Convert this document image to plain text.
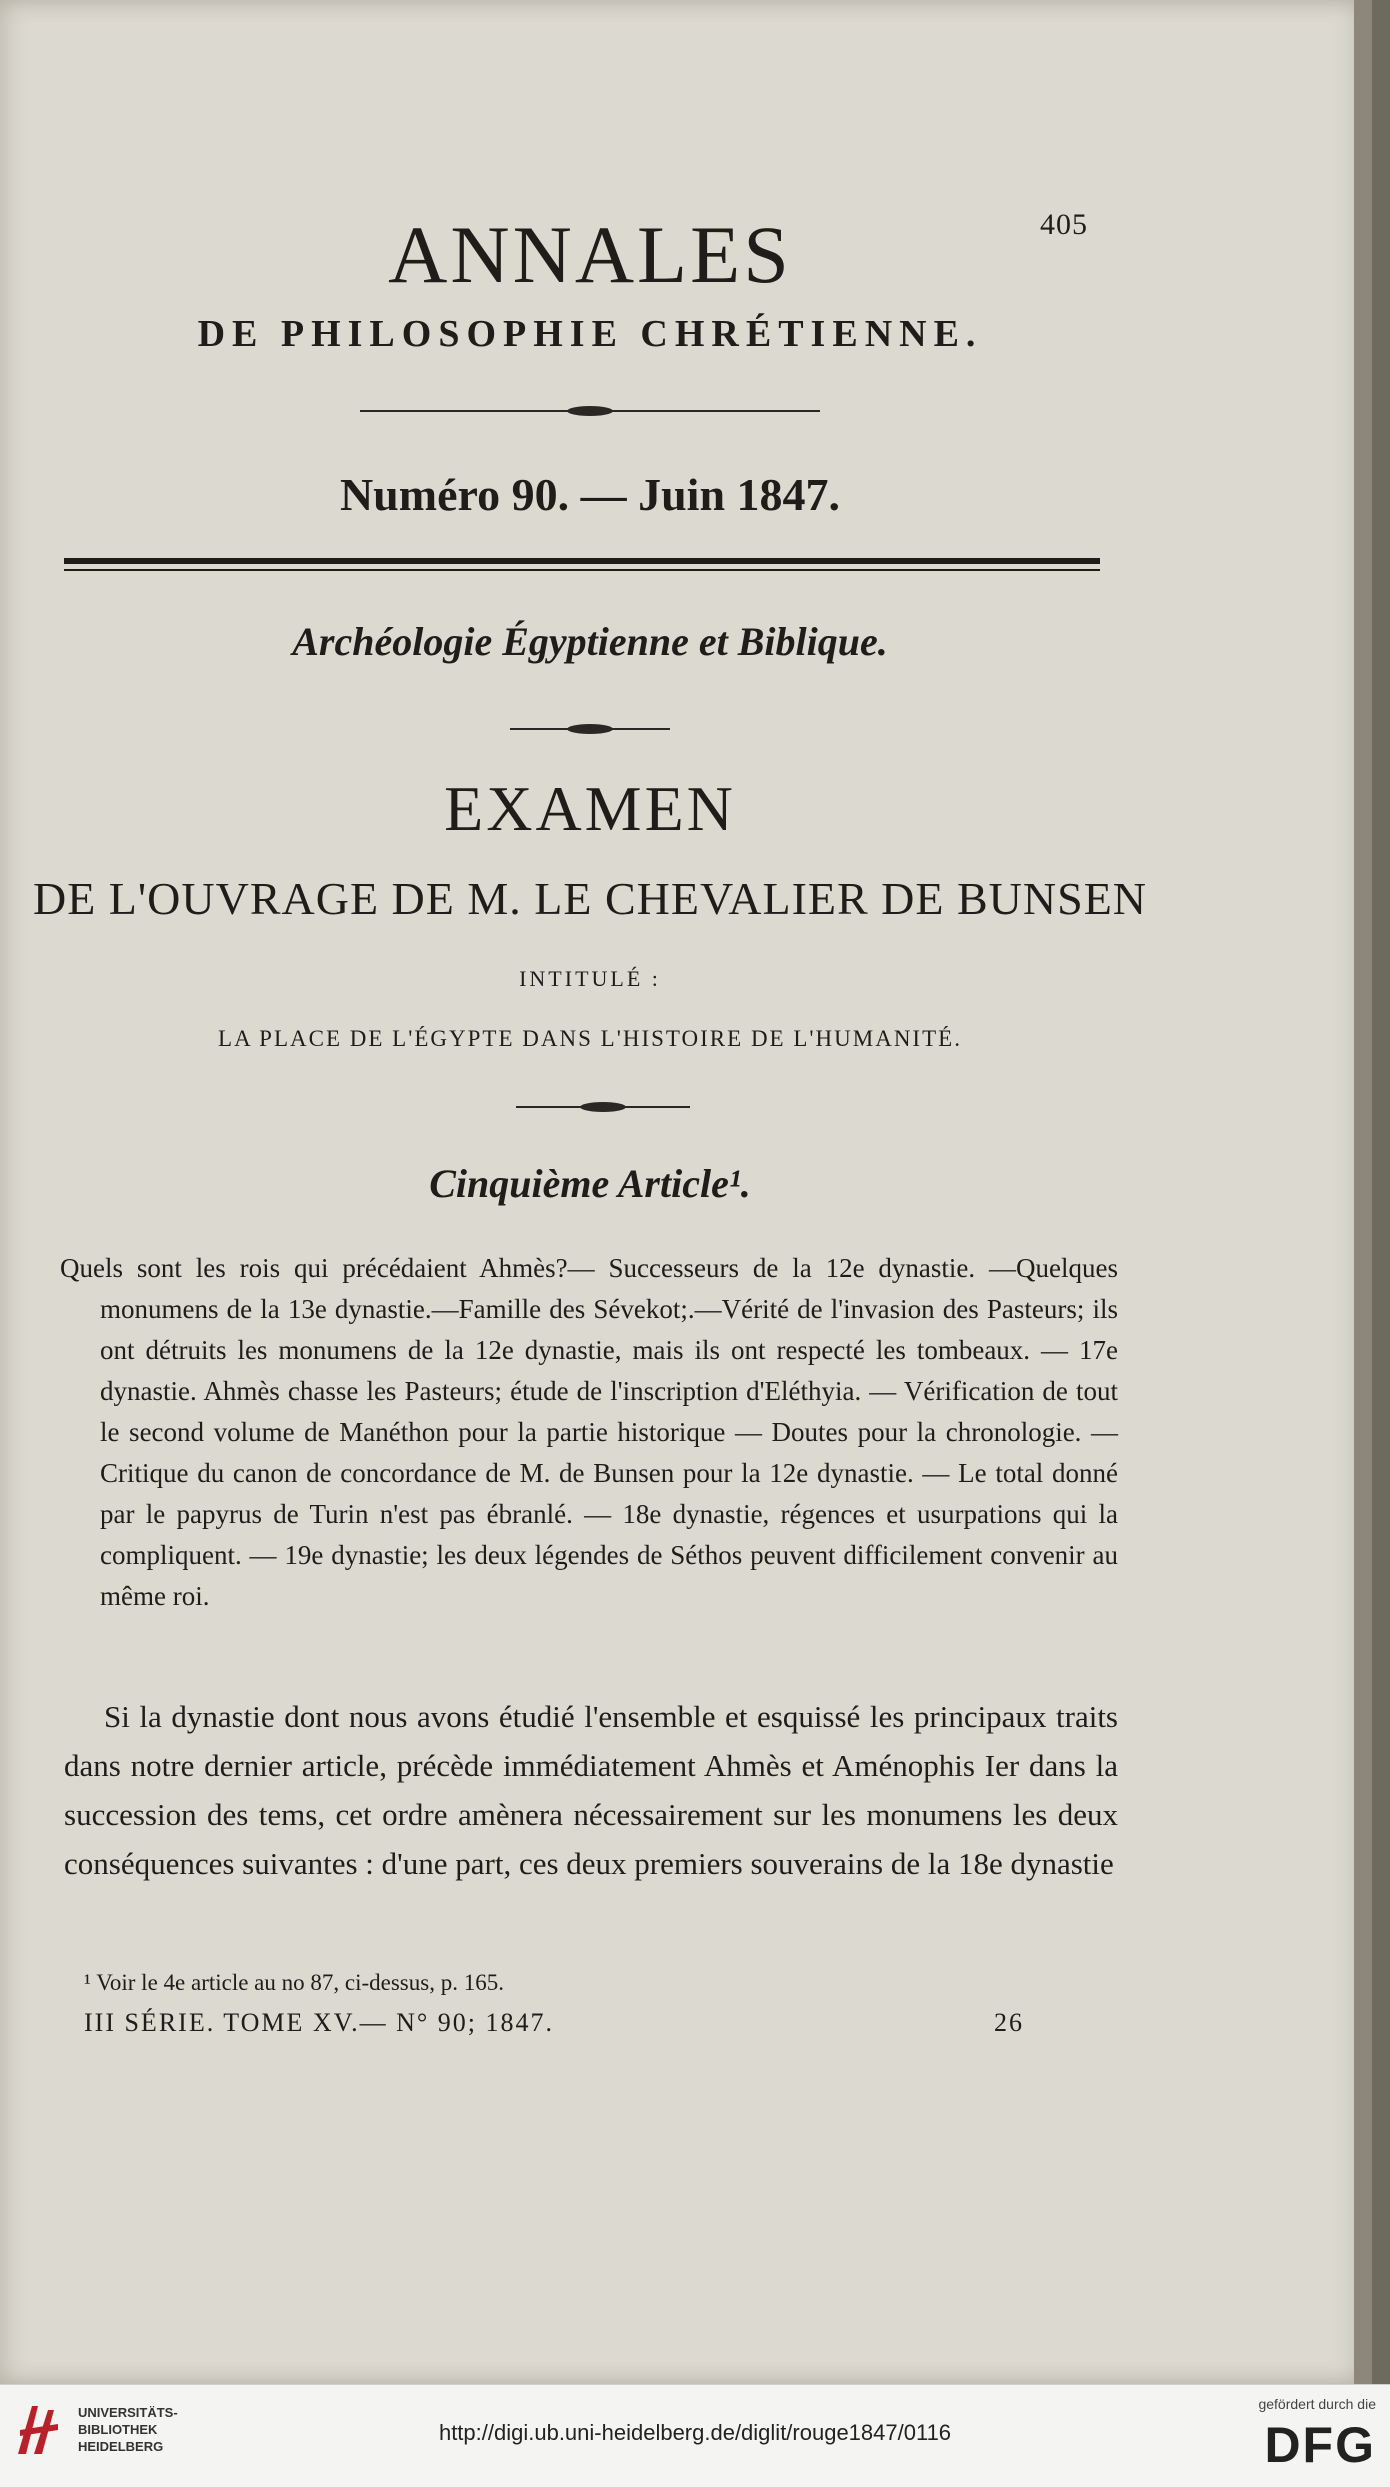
405
ANNALES
DE PHILOSOPHIE CHRÉTIENNE.
Numéro 90. — Juin 1847.
Archéologie Égyptienne et Biblique.
EXAMEN
DE L'OUVRAGE DE M. LE CHEVALIER DE BUNSEN
INTITULÉ :
LA PLACE DE L'ÉGYPTE DANS L'HISTOIRE DE L'HUMANITÉ.
Cinquième Article¹.

Quels sont les rois qui précédaient Ahmès?— Successeurs de la 12e dynastie. —Quelques monumens de la 13e dynastie.—Famille des Sévekot;.—Vérité de l'invasion des Pasteurs; ils ont détruits les monumens de la 12e dynastie, mais ils ont respecté les tombeaux. — 17e dynastie. Ahmès chasse les Pasteurs; étude de l'inscription d'Eléthyia. — Vérification de tout le second volume de Manéthon pour la partie historique — Doutes pour la chronologie. — Critique du canon de concordance de M. de Bunsen pour la 12e dynastie. — Le total donné par le papyrus de Turin n'est pas ébranlé. — 18e dynastie, régences et usurpations qui la compliquent. — 19e dynastie; les deux légendes de Séthos peuvent difficilement convenir au même roi.

Si la dynastie dont nous avons étudié l'ensemble et esquissé les principaux traits dans notre dernier article, précède immédiatement Ahmès et Aménophis Ier dans la succession des tems, cet ordre amènera nécessairement sur les monumens les deux conséquences suivantes : d'une part, ces deux premiers souverains de la 18e dynastie

¹ Voir le 4e article au no 87, ci-dessus, p. 165.
III SÉRIE. TOME XV.— N° 90; 1847.	26
UNIVERSITÄTS-
BIBLIOTHEK
HEIDELBERG
http://digi.ub.uni-heidelberg.de/diglit/rouge1847/0116
gefördert durch die
DFG
